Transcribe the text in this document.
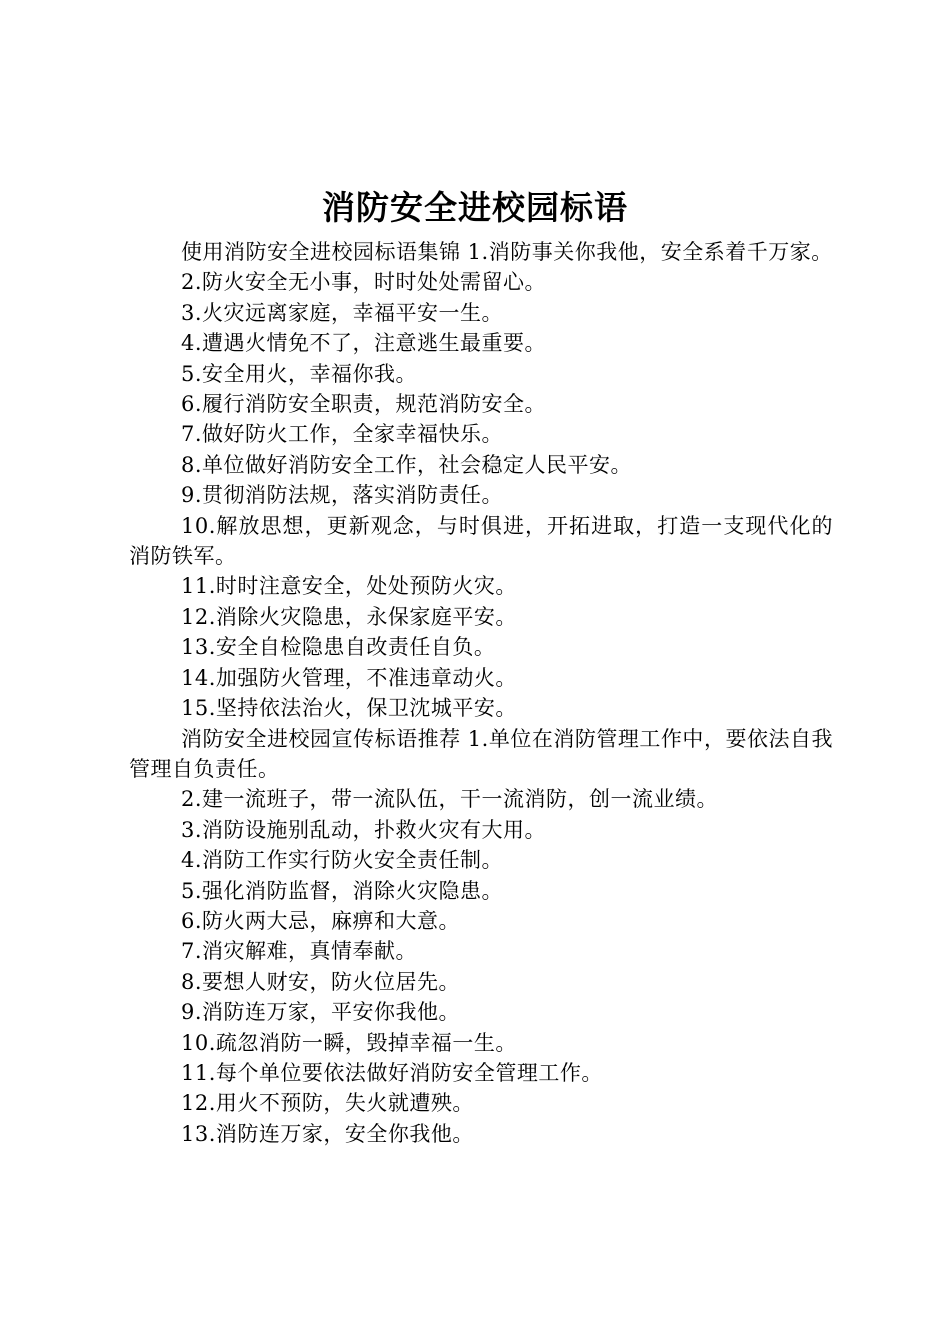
消防安全进校园标语

使用消防安全进校园标语集锦 1.消防事关你我他，安全系着千万家。

2.防火安全无小事，时时处处需留心。

3.火灾远离家庭，幸福平安一生。

4.遭遇火情免不了，注意逃生最重要。

5.安全用火，幸福你我。

6.履行消防安全职责，规范消防安全。

7.做好防火工作，全家幸福快乐。

8.单位做好消防安全工作，社会稳定人民平安。

9.贯彻消防法规，落实消防责任。

10.解放思想，更新观念，与时俱进，开拓进取，打造一支现代化的消防铁军。

11.时时注意安全，处处预防火灾。

12.消除火灾隐患，永保家庭平安。

13.安全自检隐患自改责任自负。

14.加强防火管理，不准违章动火。

15.坚持依法治火，保卫沈城平安。

消防安全进校园宣传标语推荐 1.单位在消防管理工作中，要依法自我管理自负责任。

2.建一流班子，带一流队伍，干一流消防，创一流业绩。

3.消防设施别乱动，扑救火灾有大用。

4.消防工作实行防火安全责任制。

5.强化消防监督，消除火灾隐患。

6.防火两大忌，麻痹和大意。

7.消灾解难，真情奉献。

8.要想人财安，防火位居先。

9.消防连万家，平安你我他。

10.疏忽消防一瞬，毁掉幸福一生。

11.每个单位要依法做好消防安全管理工作。

12.用火不预防，失火就遭殃。

13.消防连万家，安全你我他。
